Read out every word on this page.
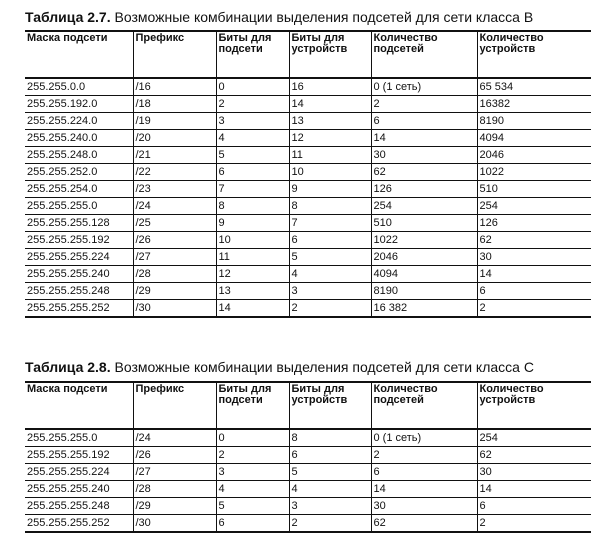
Таблица 2.7. Возможные комбинации выделения подсетей для сети класса В
Маска подсети	Префикс	Биты для подсети	Биты для устройств	Количество подсетей	Количество устройств
255.255.0.0	/16	0	16	0 (1 сеть)	65 534
255.255.192.0	/18	2	14	2	16382
255.255.224.0	/19	3	13	6	8190
255.255.240.0	/20	4	12	14	4094
255.255.248.0	/21	5	11	30	2046
255.255.252.0	/22	6	10	62	1022
255.255.254.0	/23	7	9	126	510
255.255.255.0	/24	8	8	254	254
255.255.255.128	/25	9	7	510	126
255.255.255.192	/26	10	6	1022	62
255.255.255.224	/27	11	5	2046	30
255.255.255.240	/28	12	4	4094	14
255.255.255.248	/29	13	3	8190	6
255.255.255.252	/30	14	2	16 382	2
Таблица 2.8. Возможные комбинации выделения подсетей для сети класса С
Маска подсети	Префикс	Биты для подсети	Биты для устройств	Количество подсетей	Количество устройств
255.255.255.0	/24	0	8	0 (1 сеть)	254
255.255.255.192	/26	2	6	2	62
255.255.255.224	/27	3	5	6	30
255.255.255.240	/28	4	4	14	14
255.255.255.248	/29	5	3	30	6
255.255.255.252	/30	6	2	62	2
